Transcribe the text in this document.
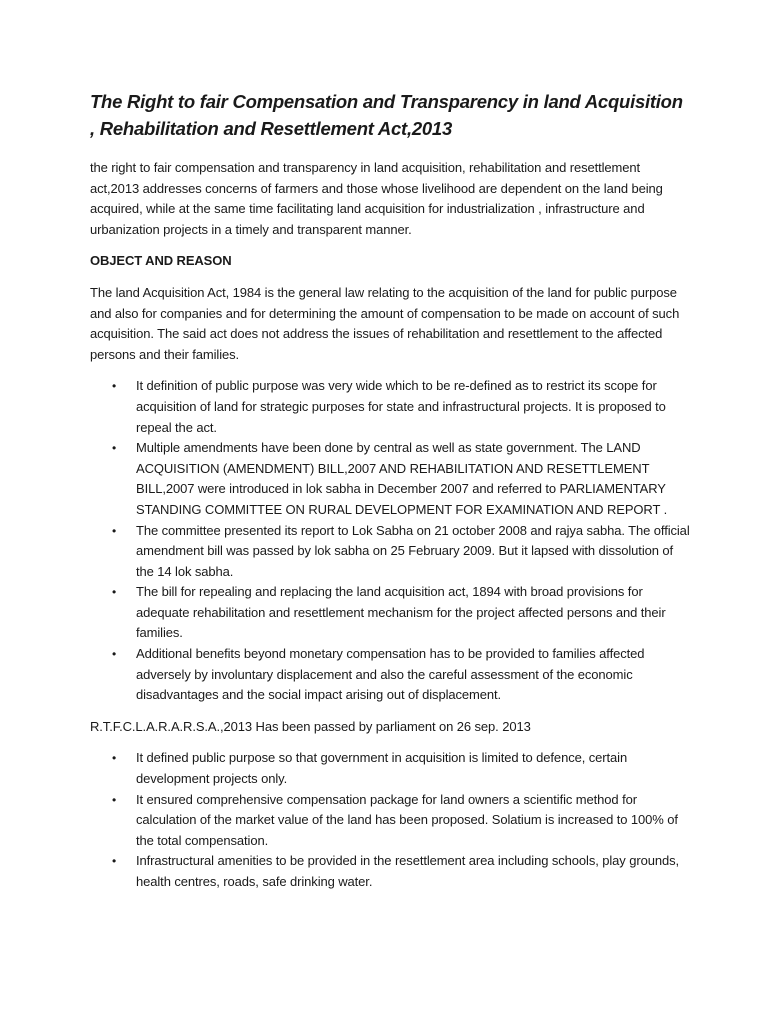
The Right to fair Compensation and Transparency in land Acquisition , Rehabilitation and Resettlement Act,2013

the right to fair compensation and transparency in land acquisition, rehabilitation and resettlement act,2013 addresses concerns of farmers and those whose livelihood are dependent on the land being acquired, while at the same time facilitating land acquisition for industrialization , infrastructure and urbanization projects in a timely and transparent manner.

OBJECT AND REASON

The land Acquisition Act, 1984 is the general law relating to the acquisition of the land for public purpose and also for companies and for determining the amount of compensation to be made on account of such acquisition. The said act does not address the issues of rehabilitation and resettlement to the affected persons and their families.

• It definition of public purpose was very wide which to be re-defined as to restrict its scope for acquisition of land for strategic purposes for state and infrastructural projects. It is proposed to repeal the act.
• Multiple amendments have been done by central as well as state government. The LAND ACQUISITION (AMENDMENT) BILL,2007 AND REHABILITATION AND RESETTLEMENT BILL,2007 were introduced in lok sabha in December 2007 and referred to PARLIAMENTARY STANDING COMMITTEE ON RURAL DEVELOPMENT FOR EXAMINATION AND REPORT .
• The committee presented its report to Lok Sabha on 21 october 2008 and rajya sabha. The official amendment bill was passed by lok sabha on 25 February 2009. But it lapsed with dissolution of the 14 lok sabha.
• The bill for repealing and replacing the land acquisition act, 1894 with broad provisions for adequate rehabilitation and resettlement mechanism for the project affected persons and their families.
• Additional benefits beyond monetary compensation has to be provided to families affected adversely by involuntary displacement and also the careful assessment of the economic disadvantages and the social impact arising out of displacement.

R.T.F.C.L.A.R.A.R.S.A.,2013 Has been passed by parliament on 26 sep. 2013

• It defined public purpose so that government in acquisition is limited to defence, certain development projects only.
• It ensured comprehensive compensation package for land owners a scientific method for calculation of the market value of the land has been proposed. Solatium is increased to 100% of the total compensation.
• Infrastructural amenities to be provided in the resettlement area including schools, play grounds, health centres, roads, safe drinking water.
